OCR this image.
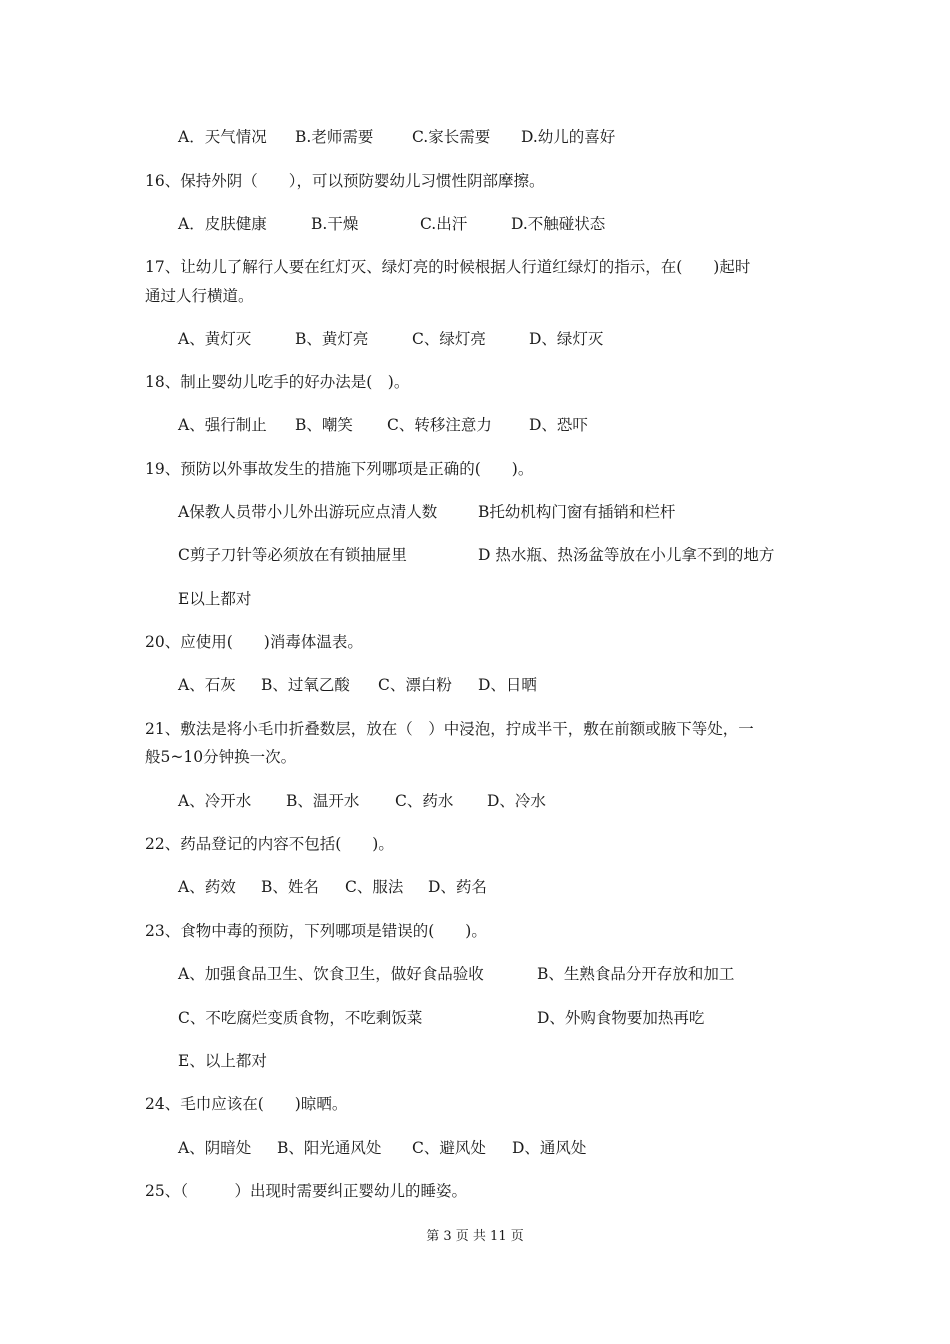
A．天气情况

B.老师需要

C.家长需要

D.幼儿的喜好

16、保持外阴（　　），可以预防婴幼儿习惯性阴部摩擦。

A．皮肤健康

	B.干燥

	C.出汗

	D.不触碰状态

17、让幼儿了解行人要在红灯灭、绿灯亮的时候根据人行道红绿灯的指示，在(　　)起时
通过人行横道。

A、黄灯灭

	B、黄灯亮

	C、绿灯亮

	D、绿灯灭

18、制止婴幼儿吃手的好办法是(　)。

A、强行制止

B、嘲笑

C、转移注意力

D、恐吓

19、预防以外事故发生的措施下列哪项是正确的(　　)。

A保教人员带小儿外出游玩应点清人数

	B托幼机构门窗有插销和栏杆

C剪子刀针等必须放在有锁抽屉里

	D 热水瓶、热汤盆等放在小儿拿不到的地方

E以上都对
20、应使用(　　)消毒体温表。

A、石灰

B、过氧乙酸

C、漂白粉

D、日晒

21、敷法是将小毛巾折叠数层，放在（　）中浸泡，拧成半干，敷在前额或腋下等处，一
般5~10分钟换一次。

A、冷开水

B、温开水

C、药水

D、冷水

22、药品登记的内容不包括(　　)。

A、药效

B、姓名

C、服法

D、药名

23、食物中毒的预防，下列哪项是错误的(　　)。

A、加强食品卫生、饮食卫生，做好食品验收

	B、生熟食品分开存放和加工

C、不吃腐烂变质食物，不吃剩饭菜

	D、外购食物要加热再吃

E、以上都对
24、毛巾应该在(　　)晾晒。

A、阴暗处

B、阳光通风处

C、避风处

D、通风处

25、（　　　）出现时需要纠正婴幼儿的睡姿。
第 3 页 共 11 页
